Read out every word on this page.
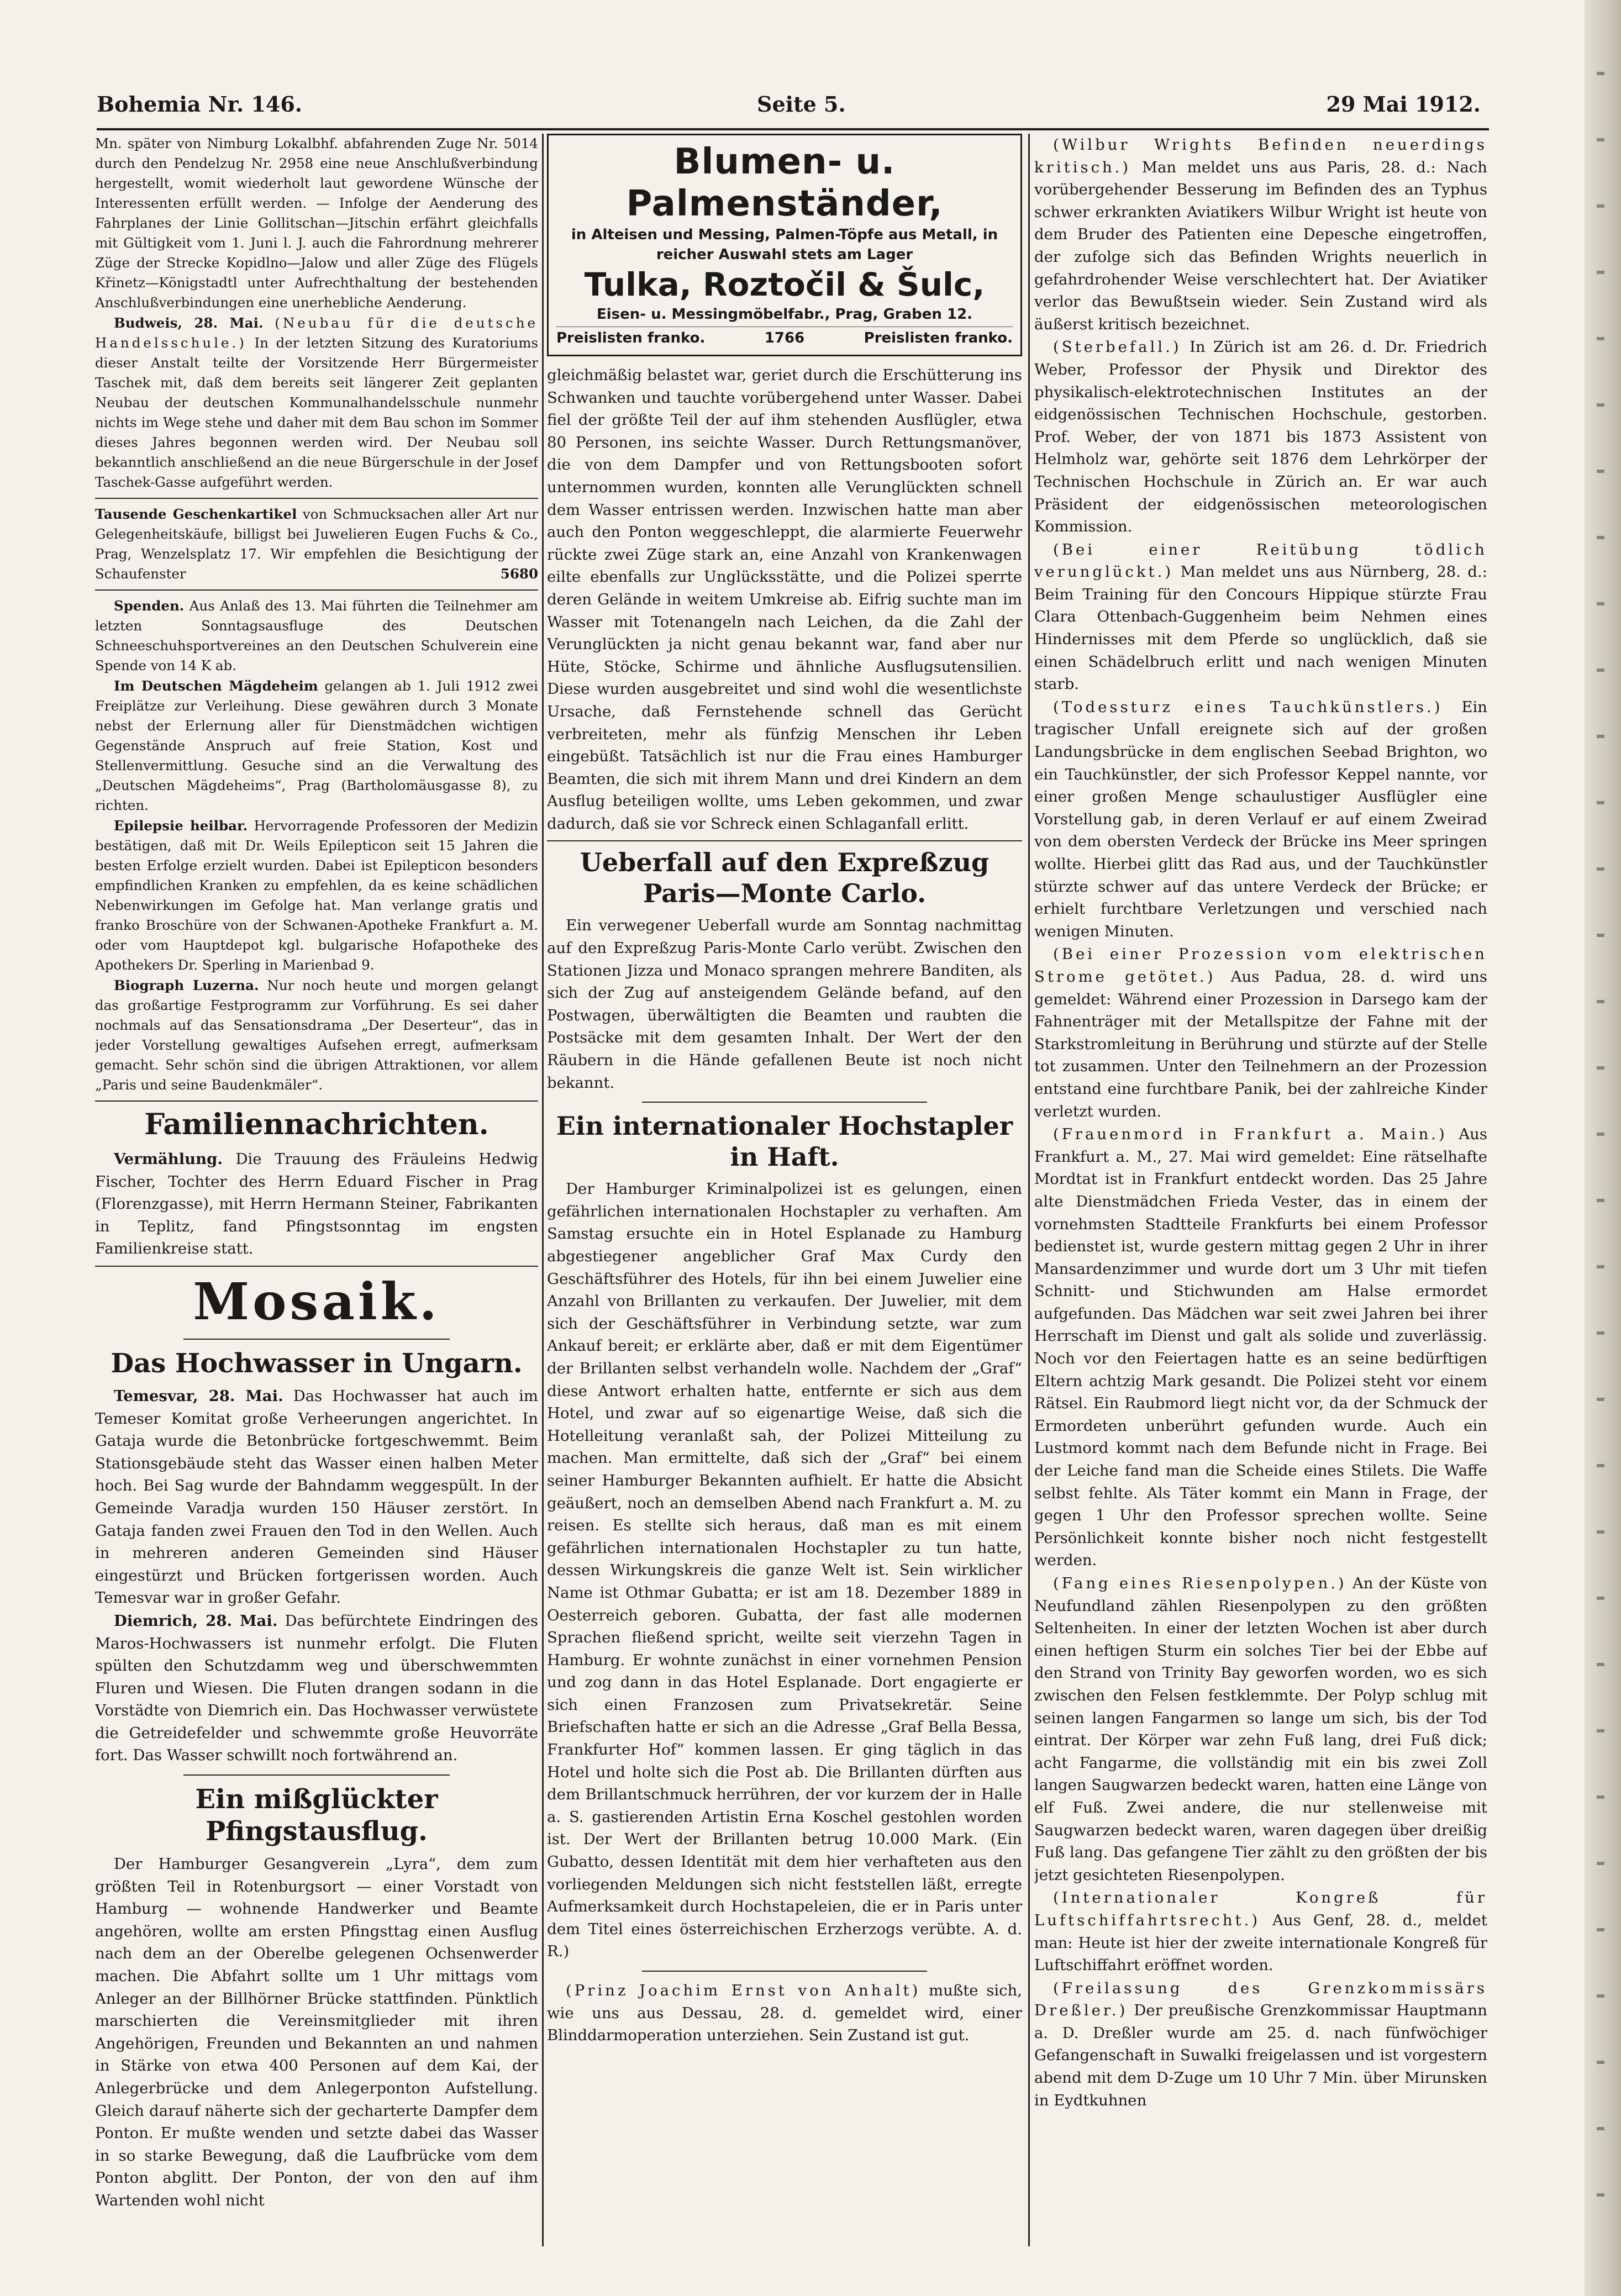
Bohemia Nr. 146.	Seite 5.	29 Mai 1912.

Mn. später von Nimburg Lokalbhf. abfahrenden Zuge Nr. 5014 durch den Pendelzug Nr. 2958 eine neue Anschlußverbindung hergestellt, womit wiederholt laut gewordene Wünsche der Interessenten erfüllt werden. — Infolge der Aenderung des Fahrplanes der Linie Gollitschan—Jitschin erfährt gleichfalls mit Gültigkeit vom 1. Juni l. J. auch die Fahrordnung mehrerer Züge der Strecke Kopidlno—Jalow und aller Züge des Flügels Křinetz—Königstadtl unter Aufrechthaltung der bestehenden Anschlußverbindungen eine unerhebliche Aenderung.

Budweis, 28. Mai. (Neubau für die deutsche Handelsschule.) In der letzten Sitzung des Kuratoriums dieser Anstalt teilte der Vorsitzende Herr Bürgermeister Taschek mit, daß dem bereits seit längerer Zeit geplanten Neubau der deutschen Kommunalhandelsschule nunmehr nichts im Wege stehe und daher mit dem Bau schon im Sommer dieses Jahres begonnen werden wird. Der Neubau soll bekanntlich anschließend an die neue Bürgerschule in der Josef Taschek-Gasse aufgeführt werden.

Tausende Geschenkartikel von Schmucksachen aller Art nur Gelegenheitskäufe, billigst bei Juwelieren Eugen Fuchs & Co., Prag, Wenzelsplatz 17. Wir empfehlen die Besichtigung der Schaufenster	5680

Spenden. Aus Anlaß des 13. Mai führten die Teilnehmer am letzten Sonntagsausfluge des Deutschen Schneeschuhsportvereines an den Deutschen Schulverein eine Spende von 14 K ab.

Im Deutschen Mägdeheim gelangen ab 1. Juli 1912 zwei Freiplätze zur Verleihung. Diese gewähren durch 3 Monate nebst der Erlernung aller für Dienstmädchen wichtigen Gegenstände Anspruch auf freie Station, Kost und Stellenvermittlung. Gesuche sind an die Verwaltung des „Deutschen Mägdeheims“, Prag (Bartholomäusgasse 8), zu richten.

Epilepsie heilbar. Hervorragende Professoren der Medizin bestätigen, daß mit Dr. Weils Epilepticon seit 15 Jahren die besten Erfolge erzielt wurden. Dabei ist Epilepticon besonders empfindlichen Kranken zu empfehlen, da es keine schädlichen Nebenwirkungen im Gefolge hat. Man verlange gratis und franko Broschüre von der Schwanen-Apotheke Frankfurt a. M. oder vom Hauptdepot kgl. bulgarische Hofapotheke des Apothekers Dr. Sperling in Marienbad 9.

Biograph Luzerna. Nur noch heute und morgen gelangt das großartige Festprogramm zur Vorführung. Es sei daher nochmals auf das Sensationsdrama „Der Deserteur“, das in jeder Vorstellung gewaltiges Aufsehen erregt, aufmerksam gemacht. Sehr schön sind die übrigen Attraktionen, vor allem „Paris und seine Baudenkmäler“.

Familiennachrichten.

Vermählung. Die Trauung des Fräuleins Hedwig Fischer, Tochter des Herrn Eduard Fischer in Prag (Florenzgasse), mit Herrn Hermann Steiner, Fabrikanten in Teplitz, fand Pfingstsonntag im engsten Familienkreise statt.

Mosaik.
Das Hochwasser in Ungarn.

Temesvar, 28. Mai. Das Hochwasser hat auch im Temeser Komitat große Verheerungen angerichtet. In Gataja wurde die Betonbrücke fortgeschwemmt. Beim Stationsgebäude steht das Wasser einen halben Meter hoch. Bei Sag wurde der Bahndamm weggespült. In der Gemeinde Varadja wurden 150 Häuser zerstört. In Gataja fanden zwei Frauen den Tod in den Wellen. Auch in mehreren anderen Gemeinden sind Häuser eingestürzt und Brücken fortgerissen worden. Auch Temesvar war in großer Gefahr.

Diemrich, 28. Mai. Das befürchtete Eindringen des Maros-Hochwassers ist nunmehr erfolgt. Die Fluten spülten den Schutzdamm weg und überschwemmten Fluren und Wiesen. Die Fluten drangen sodann in die Vorstädte von Diemrich ein. Das Hochwasser verwüstete die Getreidefelder und schwemmte große Heuvorräte fort. Das Wasser schwillt noch fortwährend an.

Ein mißglückter Pfingstausflug.

Der Hamburger Gesangverein „Lyra“, dem zum größten Teil in Rotenburgsort — einer Vorstadt von Hamburg — wohnende Handwerker und Beamte angehören, wollte am ersten Pfingsttag einen Ausflug nach dem an der Oberelbe gelegenen Ochsenwerder machen. Die Abfahrt sollte um 1 Uhr mittags vom Anleger an der Billhörner Brücke stattfinden. Pünktlich marschierten die Vereinsmitglieder mit ihren Angehörigen, Freunden und Bekannten an und nahmen in Stärke von etwa 400 Personen auf dem Kai, der Anlegerbrücke und dem Anlegerponton Aufstellung. Gleich darauf näherte sich der gecharterte Dampfer dem Ponton. Er mußte wenden und setzte dabei das Wasser in so starke Bewegung, daß die Laufbrücke vom dem Ponton abglitt. Der Ponton, der von den auf ihm Wartenden wohl nicht

Blumen- u. Palmenständer,
in Alteisen und Messing, Palmen-Töpfe aus Metall, in reicher Auswahl stets am Lager
Tulka, Roztočil & Šulc,
Eisen- u. Messingmöbelfabr., Prag, Graben 12.
Preislisten franko.	1766	Preislisten franko.

gleichmäßig belastet war, geriet durch die Erschütterung ins Schwanken und tauchte vorübergehend unter Wasser. Dabei fiel der größte Teil der auf ihm stehenden Ausflügler, etwa 80 Personen, ins seichte Wasser. Durch Rettungsmanöver, die von dem Dampfer und von Rettungsbooten sofort unternommen wurden, konnten alle Verunglückten schnell dem Wasser entrissen werden. Inzwischen hatte man aber auch den Ponton weggeschleppt, die alarmierte Feuerwehr rückte zwei Züge stark an, eine Anzahl von Krankenwagen eilte ebenfalls zur Unglücksstätte, und die Polizei sperrte deren Gelände in weitem Umkreise ab. Eifrig suchte man im Wasser mit Totenangeln nach Leichen, da die Zahl der Verunglückten ja nicht genau bekannt war, fand aber nur Hüte, Stöcke, Schirme und ähnliche Ausflugsutensilien. Diese wurden ausgebreitet und sind wohl die wesentlichste Ursache, daß Fernstehende schnell das Gerücht verbreiteten, mehr als fünfzig Menschen ihr Leben eingebüßt. Tatsächlich ist nur die Frau eines Hamburger Beamten, die sich mit ihrem Mann und drei Kindern an dem Ausflug beteiligen wollte, ums Leben gekommen, und zwar dadurch, daß sie vor Schreck einen Schlaganfall erlitt.

Ueberfall auf den Expreßzug Paris—Monte Carlo.

Ein verwegener Ueberfall wurde am Sonntag nachmittag auf den Expreßzug Paris-Monte Carlo verübt. Zwischen den Stationen Jizza und Monaco sprangen mehrere Banditen, als sich der Zug auf ansteigendem Gelände befand, auf den Postwagen, überwältigten die Beamten und raubten die Postsäcke mit dem gesamten Inhalt. Der Wert der den Räubern in die Hände gefallenen Beute ist noch nicht bekannt.

Ein internationaler Hochstapler in Haft.

Der Hamburger Kriminalpolizei ist es gelungen, einen gefährlichen internationalen Hochstapler zu verhaften. Am Samstag ersuchte ein in Hotel Esplanade zu Hamburg abgestiegener angeblicher Graf Max Curdy den Geschäftsführer des Hotels, für ihn bei einem Juwelier eine Anzahl von Brillanten zu verkaufen. Der Juwelier, mit dem sich der Geschäftsführer in Verbindung setzte, war zum Ankauf bereit; er erklärte aber, daß er mit dem Eigentümer der Brillanten selbst verhandeln wolle. Nachdem der „Graf“ diese Antwort erhalten hatte, entfernte er sich aus dem Hotel, und zwar auf so eigenartige Weise, daß sich die Hotelleitung veranlaßt sah, der Polizei Mitteilung zu machen. Man ermittelte, daß sich der „Graf“ bei einem seiner Hamburger Bekannten aufhielt. Er hatte die Absicht geäußert, noch an demselben Abend nach Frankfurt a. M. zu reisen. Es stellte sich heraus, daß man es mit einem gefährlichen internationalen Hochstapler zu tun hatte, dessen Wirkungskreis die ganze Welt ist. Sein wirklicher Name ist Othmar Gubatta; er ist am 18. Dezember 1889 in Oesterreich geboren. Gubatta, der fast alle modernen Sprachen fließend spricht, weilte seit vierzehn Tagen in Hamburg. Er wohnte zunächst in einer vornehmen Pension und zog dann in das Hotel Esplanade. Dort engagierte er sich einen Franzosen zum Privatsekretär. Seine Briefschaften hatte er sich an die Adresse „Graf Bella Bessa, Frankfurter Hof“ kommen lassen. Er ging täglich in das Hotel und holte sich die Post ab. Die Brillanten dürften aus dem Brillantschmuck herrühren, der vor kurzem der in Halle a. S. gastierenden Artistin Erna Koschel gestohlen worden ist. Der Wert der Brillanten betrug 10.000 Mark. (Ein Gubatto, dessen Identität mit dem hier verhafteten aus den vorliegenden Meldungen sich nicht feststellen läßt, erregte Aufmerksamkeit durch Hochstapeleien, die er in Paris unter dem Titel eines österreichischen Erzherzogs verübte. A. d. R.)

(Prinz Joachim Ernst von Anhalt) mußte sich, wie uns aus Dessau, 28. d. gemeldet wird, einer Blinddarmoperation unterziehen. Sein Zustand ist gut.

(Wilbur Wrights Befinden neuerdings kritisch.) Man meldet uns aus Paris, 28. d.: Nach vorübergehender Besserung im Befinden des an Typhus schwer erkrankten Aviatikers Wilbur Wright ist heute von dem Bruder des Patienten eine Depesche eingetroffen, der zufolge sich das Befinden Wrights neuerlich in gefahrdrohender Weise verschlechtert hat. Der Aviatiker verlor das Bewußtsein wieder. Sein Zustand wird als äußerst kritisch bezeichnet.

(Sterbefall.) In Zürich ist am 26. d. Dr. Friedrich Weber, Professor der Physik und Direktor des physikalisch-elektrotechnischen Institutes an der eidgenössischen Technischen Hochschule, gestorben. Prof. Weber, der von 1871 bis 1873 Assistent von Helmholz war, gehörte seit 1876 dem Lehrkörper der Technischen Hochschule in Zürich an. Er war auch Präsident der eidgenössischen meteorologischen Kommission.

(Bei einer Reitübung tödlich verunglückt.) Man meldet uns aus Nürnberg, 28. d.: Beim Training für den Concours Hippique stürzte Frau Clara Ottenbach-Guggenheim beim Nehmen eines Hindernisses mit dem Pferde so unglücklich, daß sie einen Schädelbruch erlitt und nach wenigen Minuten starb.

(Todessturz eines Tauchkünstlers.) Ein tragischer Unfall ereignete sich auf der großen Landungsbrücke in dem englischen Seebad Brighton, wo ein Tauchkünstler, der sich Professor Keppel nannte, vor einer großen Menge schaulustiger Ausflügler eine Vorstellung gab, in deren Verlauf er auf einem Zweirad von dem obersten Verdeck der Brücke ins Meer springen wollte. Hierbei glitt das Rad aus, und der Tauchkünstler stürzte schwer auf das untere Verdeck der Brücke; er erhielt furchtbare Verletzungen und verschied nach wenigen Minuten.

(Bei einer Prozession vom elektrischen Strome getötet.) Aus Padua, 28. d. wird uns gemeldet: Während einer Prozession in Darsego kam der Fahnenträger mit der Metallspitze der Fahne mit der Starkstromleitung in Berührung und stürzte auf der Stelle tot zusammen. Unter den Teilnehmern an der Prozession entstand eine furchtbare Panik, bei der zahlreiche Kinder verletzt wurden.

(Frauenmord in Frankfurt a. Main.) Aus Frankfurt a. M., 27. Mai wird gemeldet: Eine rätselhafte Mordtat ist in Frankfurt entdeckt worden. Das 25 Jahre alte Dienstmädchen Frieda Vester, das in einem der vornehmsten Stadtteile Frankfurts bei einem Professor bedienstet ist, wurde gestern mittag gegen 2 Uhr in ihrer Mansardenzimmer und wurde dort um 3 Uhr mit tiefen Schnitt- und Stichwunden am Halse ermordet aufgefunden. Das Mädchen war seit zwei Jahren bei ihrer Herrschaft im Dienst und galt als solide und zuverlässig. Noch vor den Feiertagen hatte es an seine bedürftigen Eltern achtzig Mark gesandt. Die Polizei steht vor einem Rätsel. Ein Raubmord liegt nicht vor, da der Schmuck der Ermordeten unberührt gefunden wurde. Auch ein Lustmord kommt nach dem Befunde nicht in Frage. Bei der Leiche fand man die Scheide eines Stilets. Die Waffe selbst fehlte. Als Täter kommt ein Mann in Frage, der gegen 1 Uhr den Professor sprechen wollte. Seine Persönlichkeit konnte bisher noch nicht festgestellt werden.

(Fang eines Riesenpolypen.) An der Küste von Neufundland zählen Riesenpolypen zu den größten Seltenheiten. In einer der letzten Wochen ist aber durch einen heftigen Sturm ein solches Tier bei der Ebbe auf den Strand von Trinity Bay geworfen worden, wo es sich zwischen den Felsen festklemmte. Der Polyp schlug mit seinen langen Fangarmen so lange um sich, bis der Tod eintrat. Der Körper war zehn Fuß lang, drei Fuß dick; acht Fangarme, die vollständig mit ein bis zwei Zoll langen Saugwarzen bedeckt waren, hatten eine Länge von elf Fuß. Zwei andere, die nur stellenweise mit Saugwarzen bedeckt waren, waren dagegen über dreißig Fuß lang. Das gefangene Tier zählt zu den größten der bis jetzt gesichteten Riesenpolypen.

(Internationaler Kongreß für Luftschiffahrtsrecht.) Aus Genf, 28. d., meldet man: Heute ist hier der zweite internationale Kongreß für Luftschiffahrt eröffnet worden.

(Freilassung des Grenzkommissärs Dreßler.) Der preußische Grenzkommissar Hauptmann a. D. Dreßler wurde am 25. d. nach fünfwöchiger Gefangenschaft in Suwalki freigelassen und ist vorgestern abend mit dem D-Zuge um 10 Uhr 7 Min. über Mirunsken in Eydtkuhnen
